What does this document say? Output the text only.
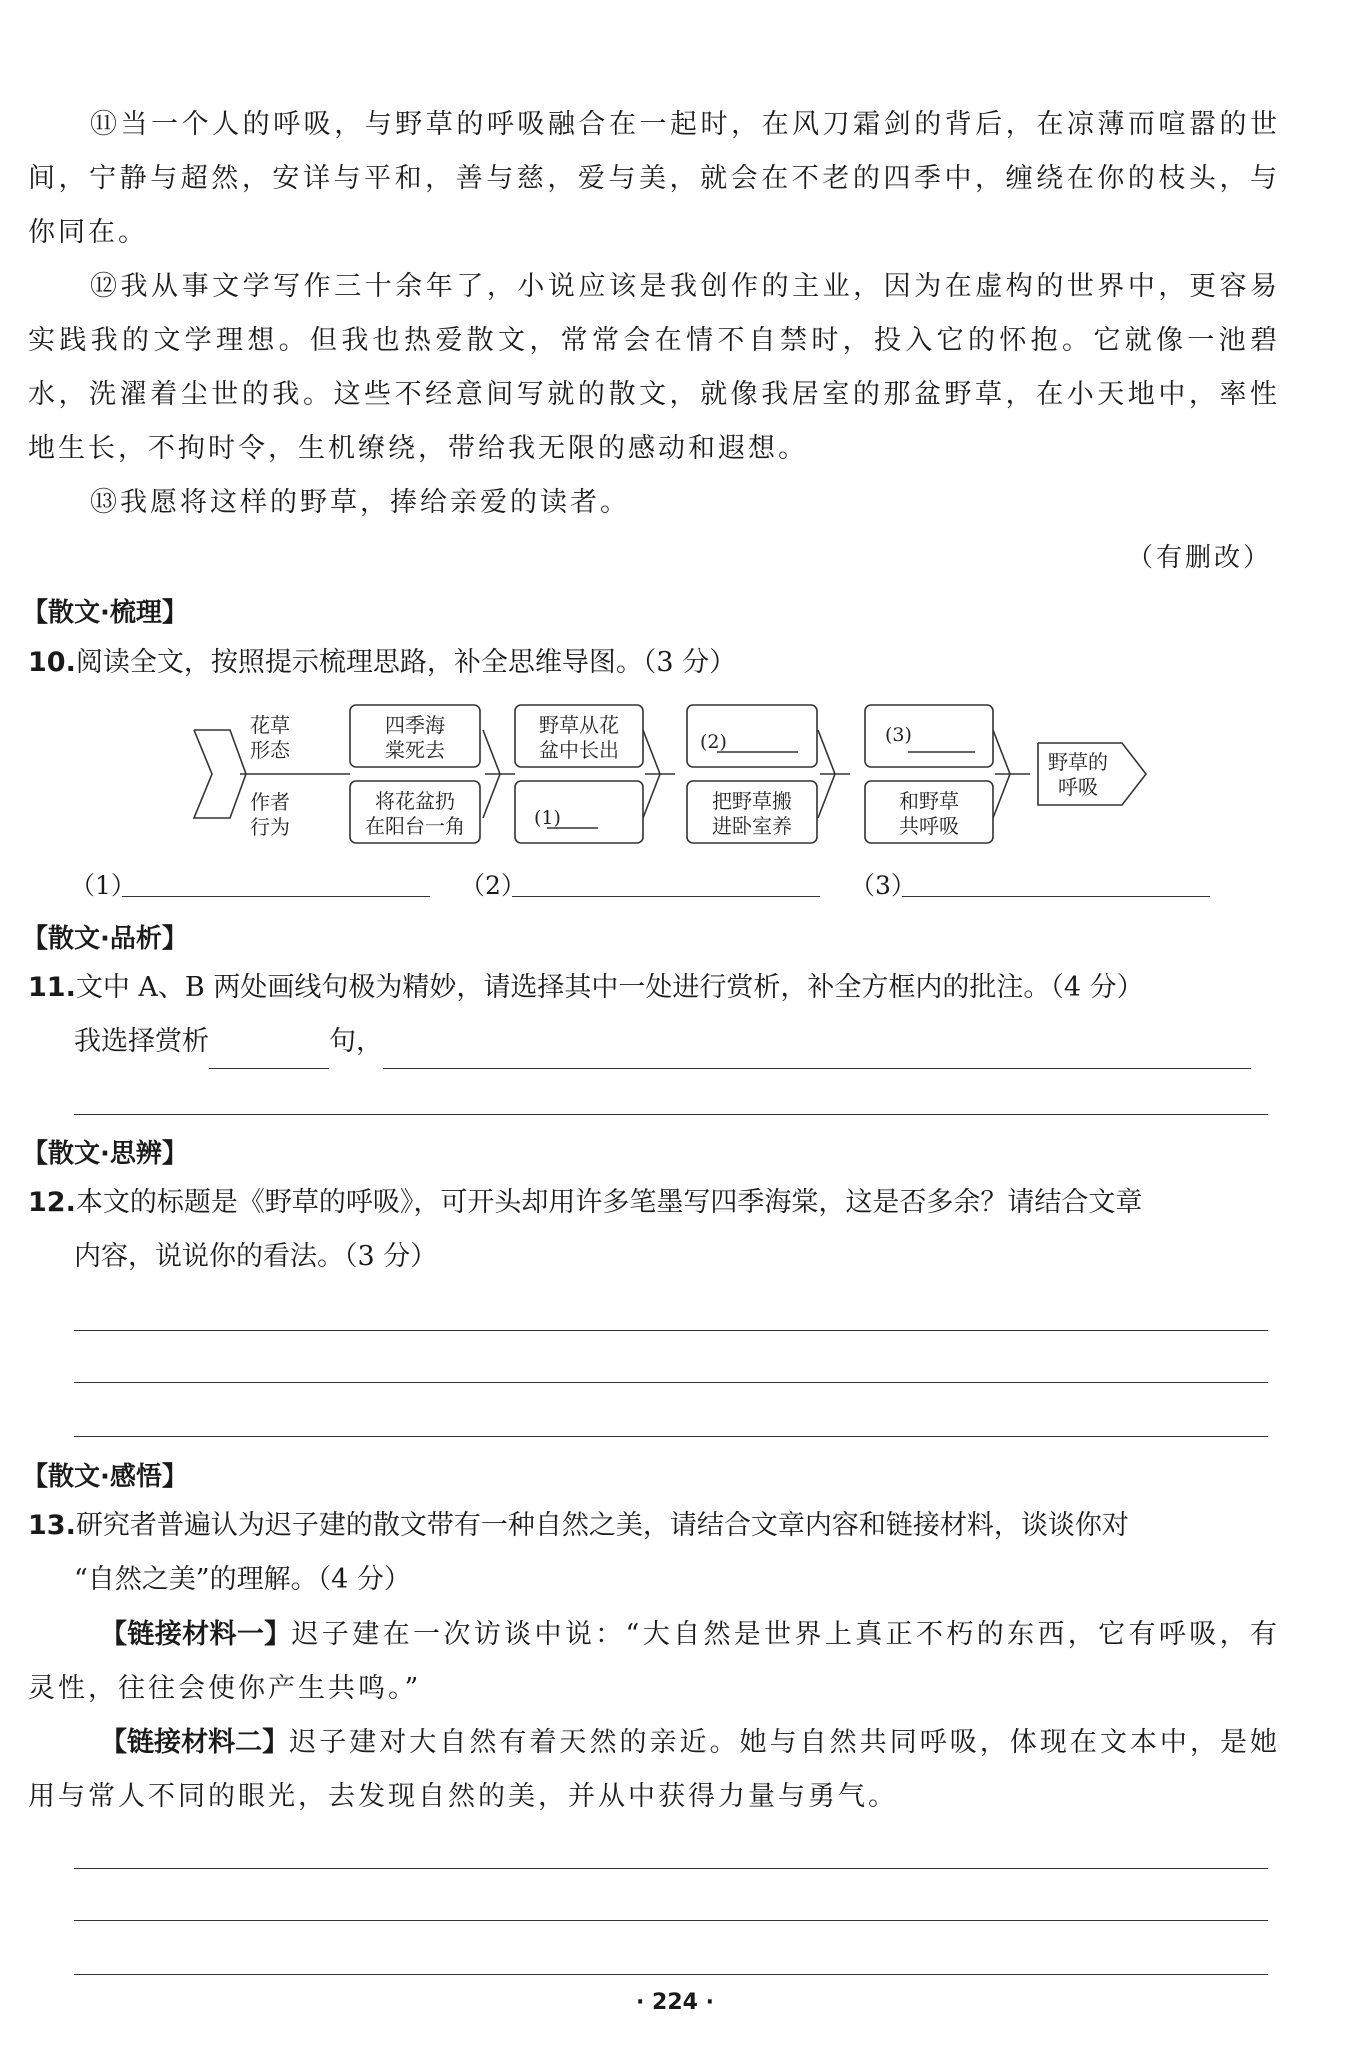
⑪当一个人的呼吸，与野草的呼吸融合在一起时，在风刀霜剑的背后，在凉薄而喧嚣的世间，宁静与超然，安详与平和，善与慈，爱与美，就会在不老的四季中，缠绕在你的枝头，与你同在。

⑫我从事文学写作三十余年了，小说应该是我创作的主业，因为在虚构的世界中，更容易实践我的文学理想。但我也热爱散文，常常会在情不自禁时，投入它的怀抱。它就像一池碧水，洗濯着尘世的我。这些不经意间写就的散文，就像我居室的那盆野草，在小天地中，率性地生长，不拘时令，生机缭绕，带给我无限的感动和遐想。

⑬我愿将这样的野草，捧给亲爱的读者。

（有删改）
【散文·梳理】
10.阅读全文，按照提示梳理思路，补全思维导图。（3 分）
花草
形态
作者
行为
四季海
棠死去
将花盆扔
在阳台一角
野草从花
盆中长出
(1)
(2)
把野草搬
进卧室养
(3)
和野草
共呼吸
野草的
呼吸
（1）	（2）	（3）
【散文·品析】
11.文中 A、B 两处画线句极为精妙，请选择其中一处进行赏析，补全方框内的批注。（4 分）
我选择赏析	句，
【散文·思辨】
12.本文的标题是《野草的呼吸》，可开头却用许多笔墨写四季海棠，这是否多余？请结合文章
内容，说说你的看法。（3 分）
【散文·感悟】
13.研究者普遍认为迟子建的散文带有一种自然之美，请结合文章内容和链接材料，谈谈你对
“自然之美”的理解。（4 分）

【链接材料一】迟子建在一次访谈中说：“大自然是世界上真正不朽的东西，它有呼吸，有灵性，往往会使你产生共鸣。”

【链接材料二】迟子建对大自然有着天然的亲近。她与自然共同呼吸，体现在文本中，是她用与常人不同的眼光，去发现自然的美，并从中获得力量与勇气。

· 224 ·
